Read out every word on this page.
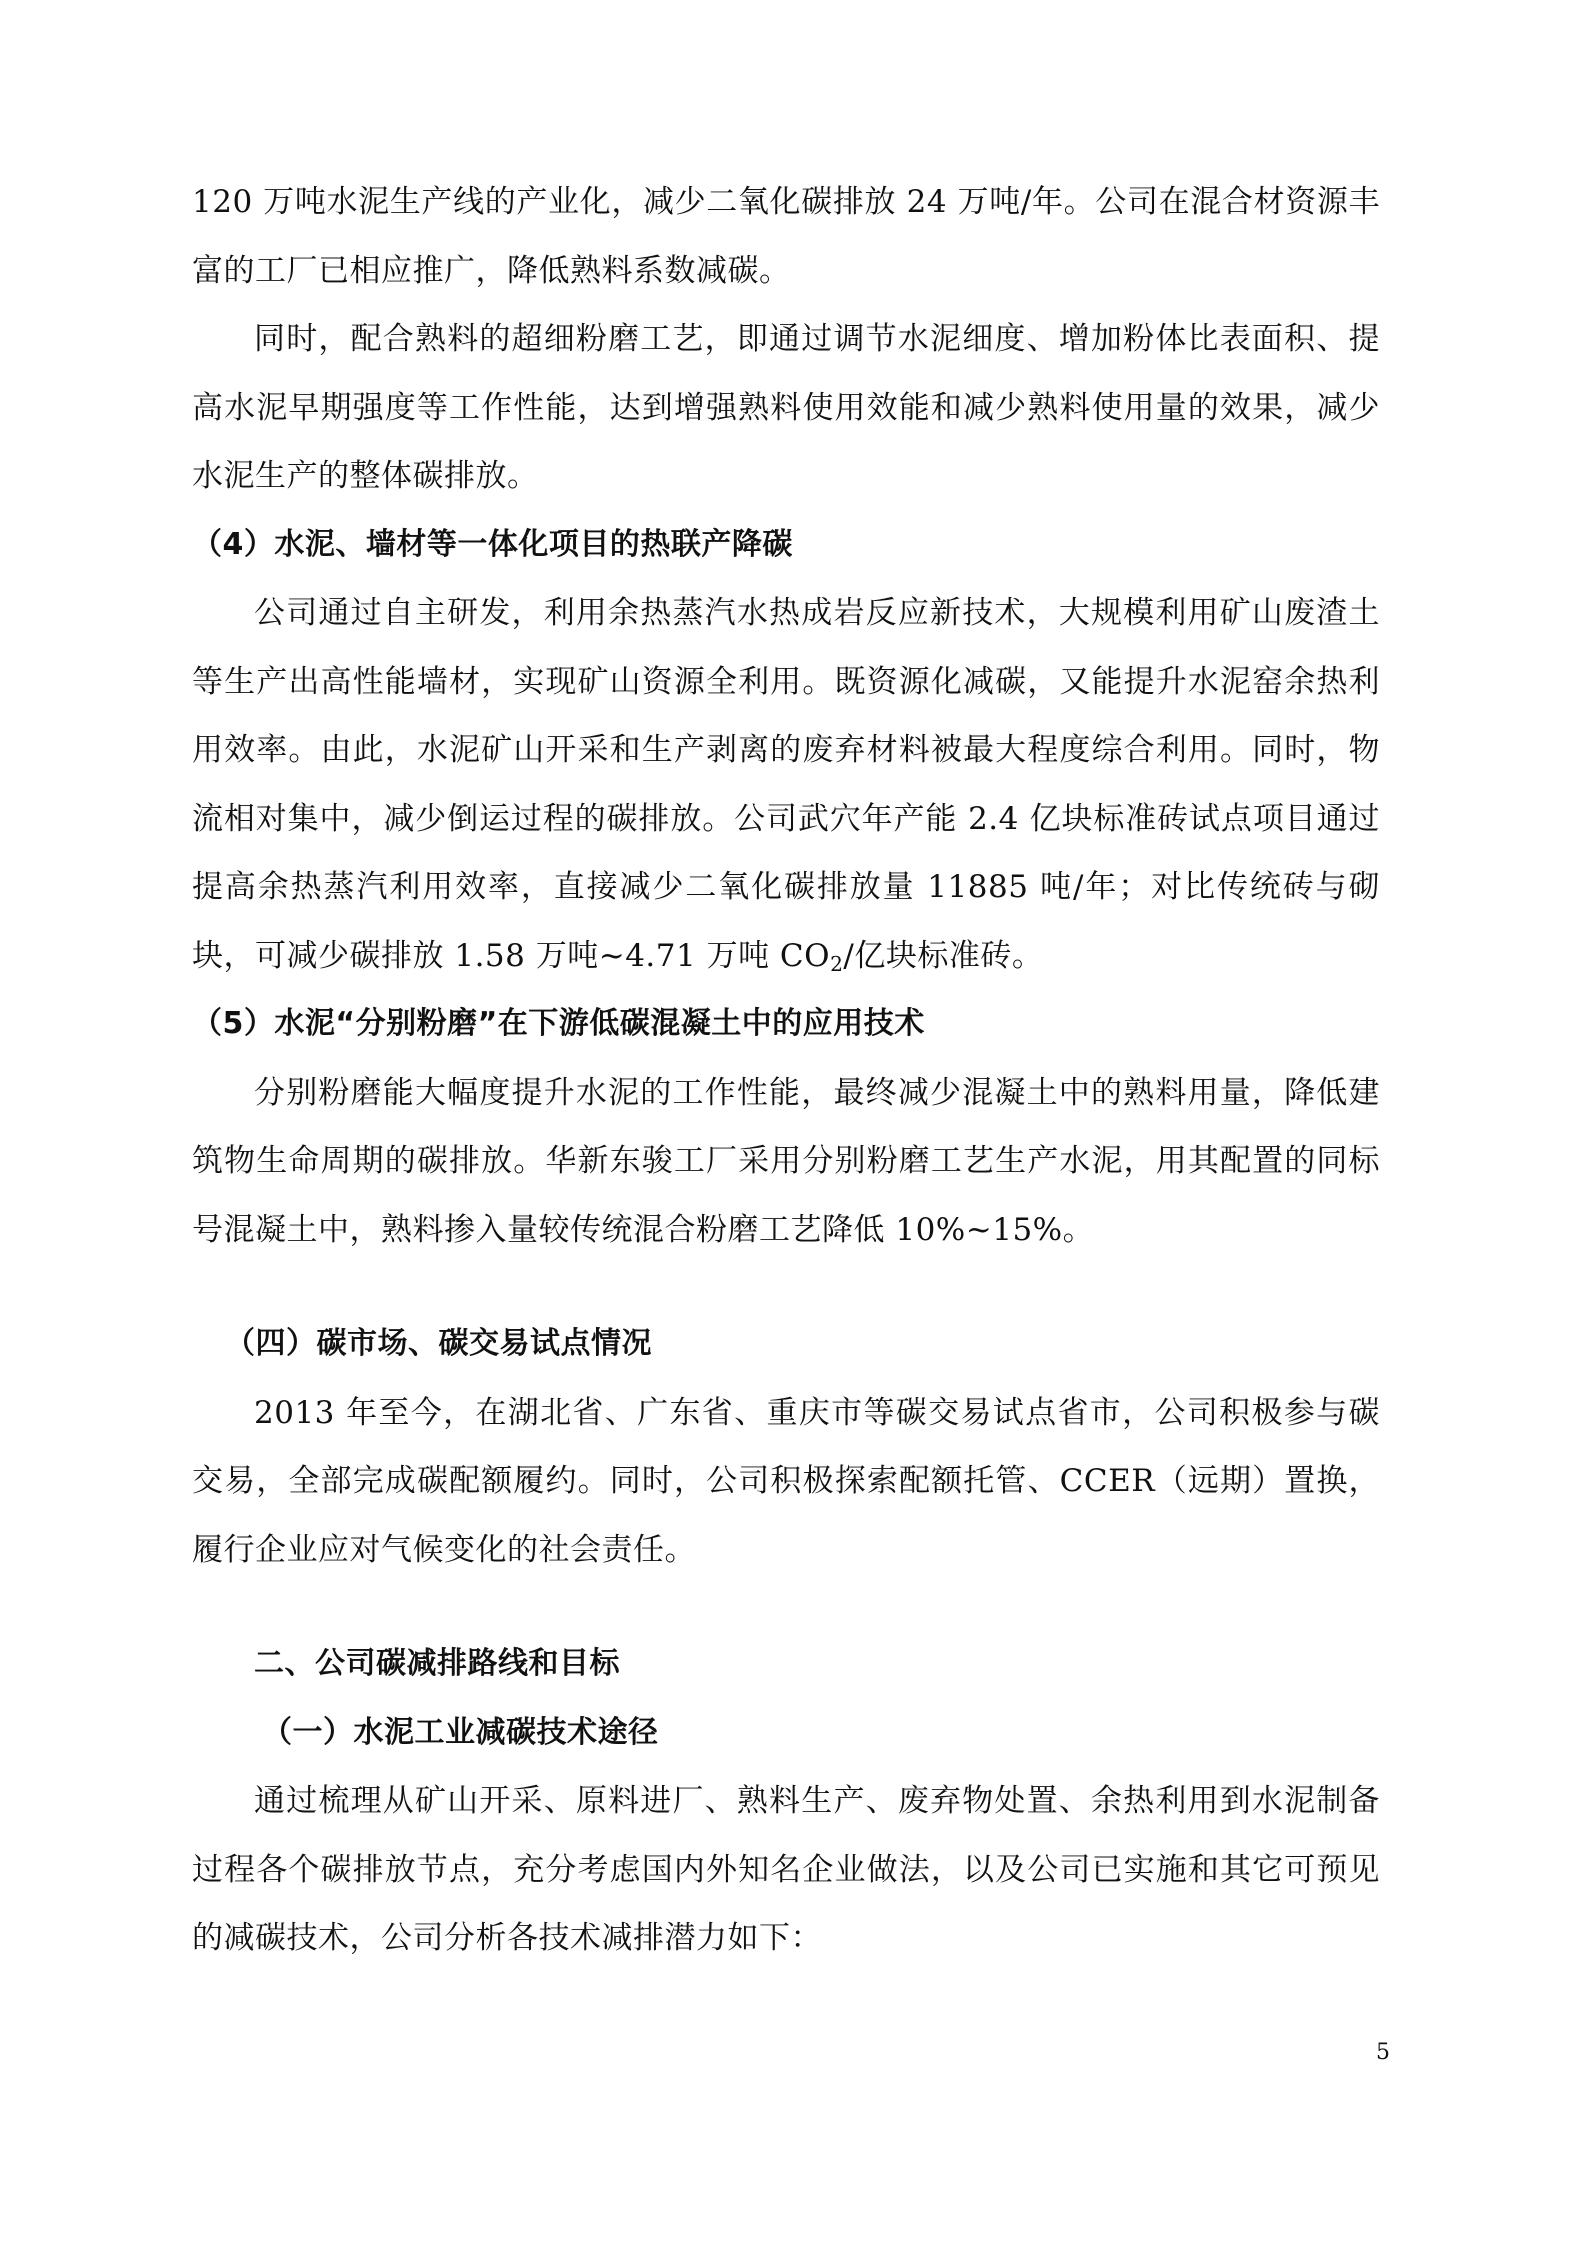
120 万吨水泥生产线的产业化，减少二氧化碳排放 24 万吨/年。公司在混合材资源丰富的工厂已相应推广，降低熟料系数减碳。

同时，配合熟料的超细粉磨工艺，即通过调节水泥细度、增加粉体比表面积、提高水泥早期强度等工作性能，达到增强熟料使用效能和减少熟料使用量的效果，减少水泥生产的整体碳排放。

（4）水泥、墙材等一体化项目的热联产降碳

公司通过自主研发，利用余热蒸汽水热成岩反应新技术，大规模利用矿山废渣土等生产出高性能墙材，实现矿山资源全利用。既资源化减碳，又能提升水泥窑余热利用效率。由此，水泥矿山开采和生产剥离的废弃材料被最大程度综合利用。同时，物流相对集中，减少倒运过程的碳排放。公司武穴年产能 2.4 亿块标准砖试点项目通过提高余热蒸汽利用效率，直接减少二氧化碳排放量 11885 吨/年；对比传统砖与砌块，可减少碳排放 1.58 万吨~4.71 万吨 $CO_2/$亿块标准砖。

（5）水泥“分别粉磨”在下游低碳混凝土中的应用技术

分别粉磨能大幅度提升水泥的工作性能，最终减少混凝土中的熟料用量，降低建筑物生命周期的碳排放。华新东骏工厂采用分别粉磨工艺生产水泥，用其配置的同标号混凝土中，熟料掺入量较传统混合粉磨工艺降低 10%~15%。

（四）碳市场、碳交易试点情况

2013 年至今，在湖北省、广东省、重庆市等碳交易试点省市，公司积极参与碳交易，全部完成碳配额履约。同时，公司积极探索配额托管、CCER（远期）置换，履行企业应对气候变化的社会责任。

二、公司碳减排路线和目标
（一）水泥工业减碳技术途径

通过梳理从矿山开采、原料进厂、熟料生产、废弃物处置、余热利用到水泥制备过程各个碳排放节点，充分考虑国内外知名企业做法，以及公司已实施和其它可预见的减碳技术，公司分析各技术减排潜力如下：

5
